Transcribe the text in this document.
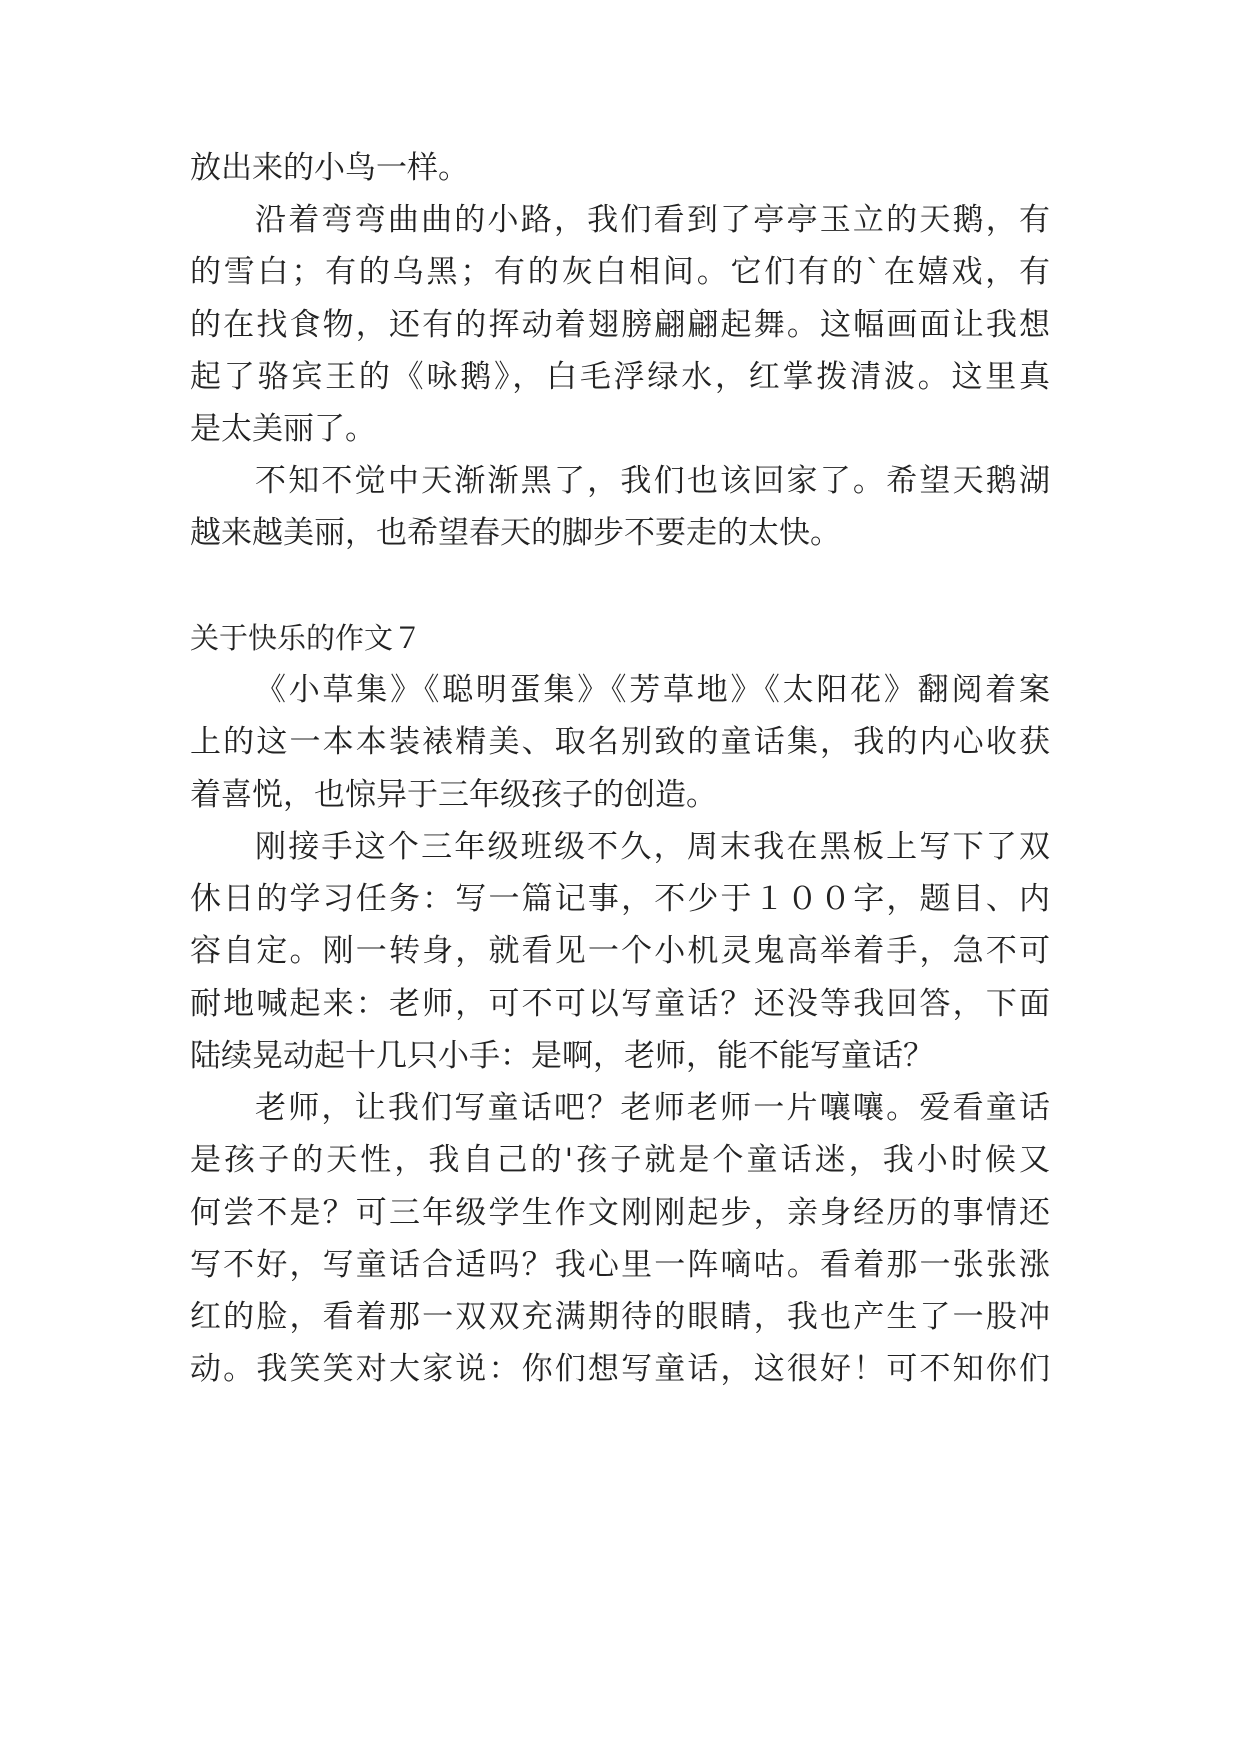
放出来的小鸟一样。
沿着弯弯曲曲的小路，我们看到了亭亭玉立的天鹅，有
的雪白；有的乌黑；有的灰白相间。它们有的`在嬉戏，有
的在找食物，还有的挥动着翅膀翩翩起舞。这幅画面让我想
起了骆宾王的《咏鹅》，白毛浮绿水，红掌拨清波。这里真
是太美丽了。
不知不觉中天渐渐黑了，我们也该回家了。希望天鹅湖
越来越美丽，也希望春天的脚步不要走的太快。
关于快乐的作文７
《小草集》《聪明蛋集》《芳草地》《太阳花》翻阅着案
上的这一本本装裱精美、取名别致的童话集，我的内心收获
着喜悦，也惊异于三年级孩子的创造。
刚接手这个三年级班级不久，周末我在黑板上写下了双
休日的学习任务：写一篇记事，不少于１００字，题目、内
容自定。刚一转身，就看见一个小机灵鬼高举着手，急不可
耐地喊起来：老师，可不可以写童话？还没等我回答，下面
陆续晃动起十几只小手：是啊，老师，能不能写童话？
老师，让我们写童话吧？老师老师一片嚷嚷。爱看童话
是孩子的天性，我自己的'孩子就是个童话迷，我小时候又
何尝不是？可三年级学生作文刚刚起步，亲身经历的事情还
写不好，写童话合适吗？我心里一阵嘀咕。看着那一张张涨
红的脸，看着那一双双充满期待的眼睛，我也产生了一股冲
动。我笑笑对大家说：你们想写童话，这很好！可不知你们
